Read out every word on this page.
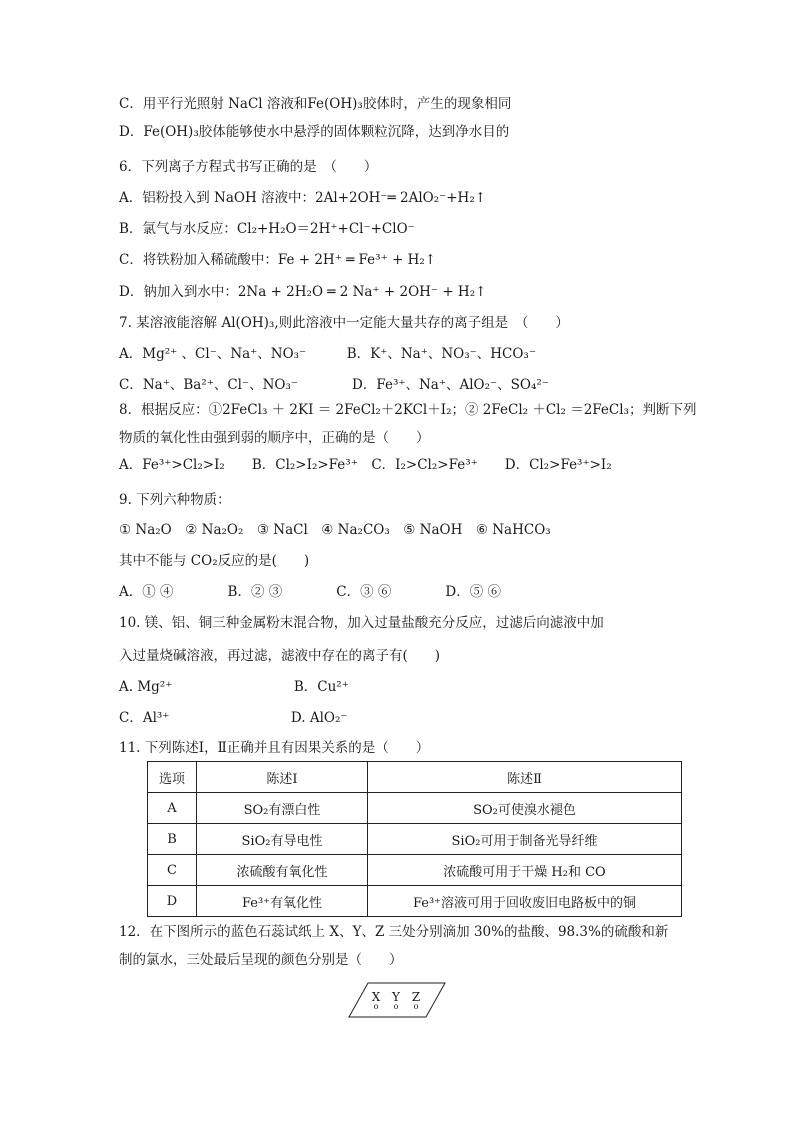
C．用平行光照射 NaCl 溶液和Fe(OH)₃胶体时，产生的现象相同
D．Fe(OH)₃胶体能够使水中悬浮的固体颗粒沉降，达到净水目的
6．下列离子方程式书写正确的是　（　　）
A．铝粉投入到 NaOH 溶液中：2Al+2OH⁻═ 2AlO₂⁻+H₂↑
B．氯气与水反应：Cl₂+H₂O＝2H⁺+Cl⁻+ClO⁻
C．将铁粉加入稀硫酸中：Fe + 2H⁺ ═ Fe³⁺ + H₂↑
D．钠加入到水中：2Na + 2H₂O ═ 2 Na⁺ + 2OH⁻ + H₂↑
7. 某溶液能溶解 Al(OH)₃,则此溶液中一定能大量共存的离子组是　（　　）
A．Mg²⁺ 、Cl⁻、Na⁺、NO₃⁻　　　B．K⁺、Na⁺、NO₃⁻、HCO₃⁻
C．Na⁺、Ba²⁺、Cl⁻、NO₃⁻　　　　D．Fe³⁺、Na⁺、AlO₂⁻、SO₄²⁻
8．根据反应：①2FeCl₃ ＋ 2KI ＝ 2FeCl₂＋2KCl＋I₂；② 2FeCl₂ ＋Cl₂ ＝2FeCl₃；判断下列
物质的氧化性由强到弱的顺序中，正确的是（　　）
A．Fe³⁺>Cl₂>I₂　　B．Cl₂>I₂>Fe³⁺　C．I₂>Cl₂>Fe³⁺　　D．Cl₂>Fe³⁺>I₂
9. 下列六种物质：
① Na₂O　② Na₂O₂　③ NaCl　④ Na₂CO₃　⑤ NaOH　⑥ NaHCO₃
其中不能与 CO₂反应的是(　　)
A．① ④　　　　B．② ③　　　　C．③ ⑥　　　　D．⑤ ⑥
10. 镁、铝、铜三种金属粉末混合物，加入过量盐酸充分反应，过滤后向滤液中加
入过量烧碱溶液，再过滤，滤液中存在的离子有(　　)
A. Mg²⁺　　　　　　　　　B．Cu²⁺
C．Al³⁺　　　　　　　　　D. AlO₂⁻
11. 下列陈述Ⅰ，Ⅱ正确并且有因果关系的是（　　）
选项	陈述Ⅰ	陈述Ⅱ
A	SO₂有漂白性	SO₂可使溴水褪色
B	SiO₂有导电性	SiO₂可用于制备光导纤维
C	浓硫酸有氧化性	浓硫酸可用于干燥 H₂和 CO
D	Fe³⁺有氧化性	Fe³⁺溶液可用于回收废旧电路板中的铜
12．在下图所示的蓝色石蕊试纸上 X、Y、Z 三处分别滴加 30%的盐酸、98.3%的硫酸和新
制的氯水，三处最后呈现的颜色分别是（　　）
X Y Z
o o o
